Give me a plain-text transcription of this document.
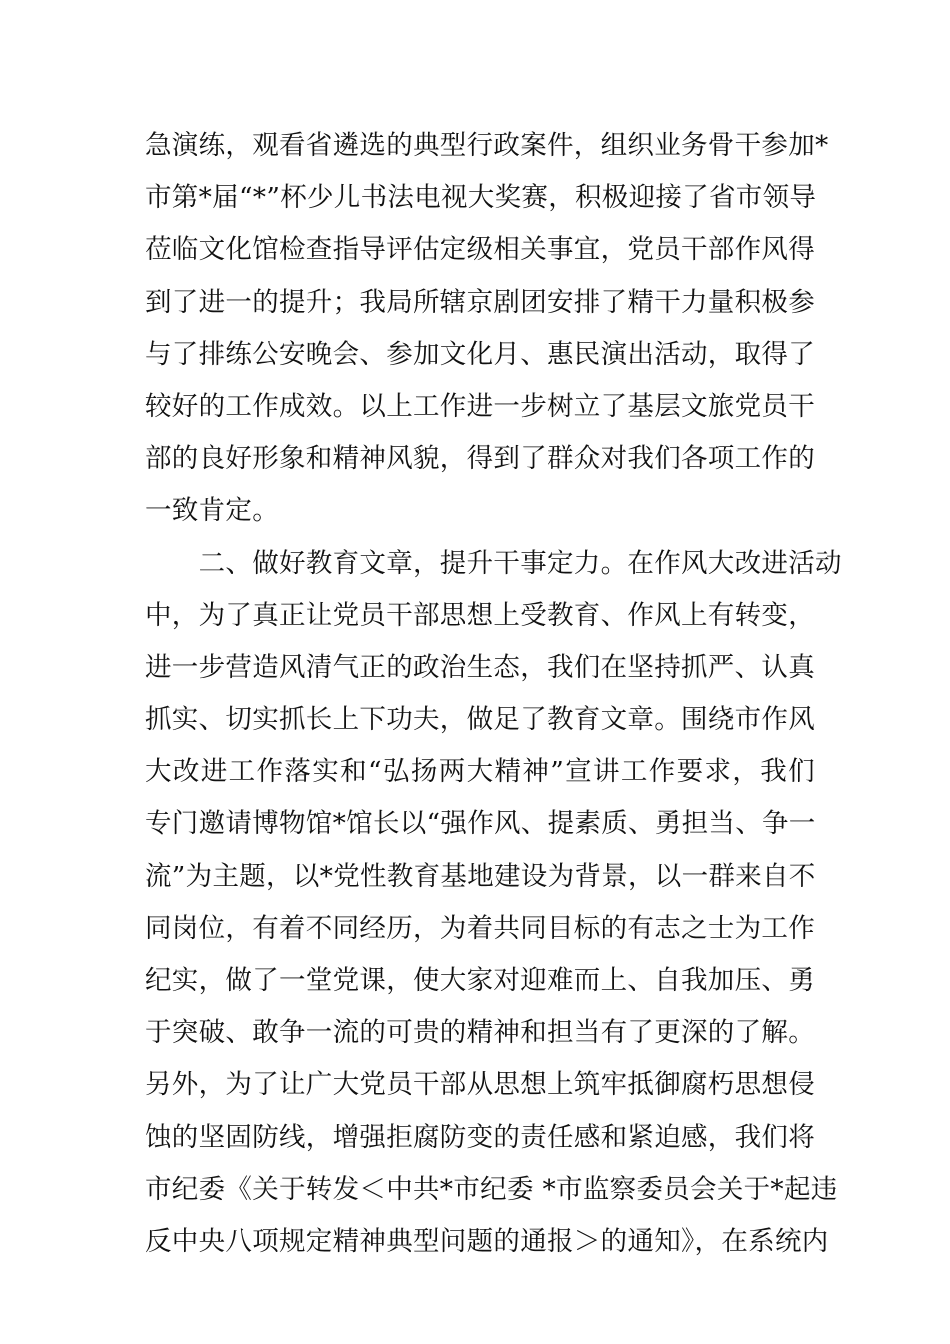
急演练，观看省遴选的典型行政案件，组织业务骨干参加*
市第*届“*”杯少儿书法电视大奖赛，积极迎接了省市领导
莅临文化馆检查指导评估定级相关事宜，党员干部作风得
到了进一的提升；我局所辖京剧团安排了精干力量积极参
与了排练公安晚会、参加文化月、惠民演出活动，取得了
较好的工作成效。以上工作进一步树立了基层文旅党员干
部的良好形象和精神风貌，得到了群众对我们各项工作的
一致肯定。
　　二、做好教育文章，提升干事定力。在作风大改进活动
中，为了真正让党员干部思想上受教育、作风上有转变，
进一步营造风清气正的政治生态，我们在坚持抓严、认真
抓实、切实抓长上下功夫，做足了教育文章。围绕市作风
大改进工作落实和“弘扬两大精神”宣讲工作要求，我们
专门邀请博物馆*馆长以“强作风、提素质、勇担当、争一
流”为主题，以*党性教育基地建设为背景，以一群来自不
同岗位，有着不同经历，为着共同目标的有志之士为工作
纪实，做了一堂党课，使大家对迎难而上、自我加压、勇
于突破、敢争一流的可贵的精神和担当有了更深的了解。
另外，为了让广大党员干部从思想上筑牢抵御腐朽思想侵
蚀的坚固防线，增强拒腐防变的责任感和紧迫感，我们将
市纪委《关于转发＜中共*市纪委 *市监察委员会关于*起违
反中央八项规定精神典型问题的通报＞的通知》，在系统内
